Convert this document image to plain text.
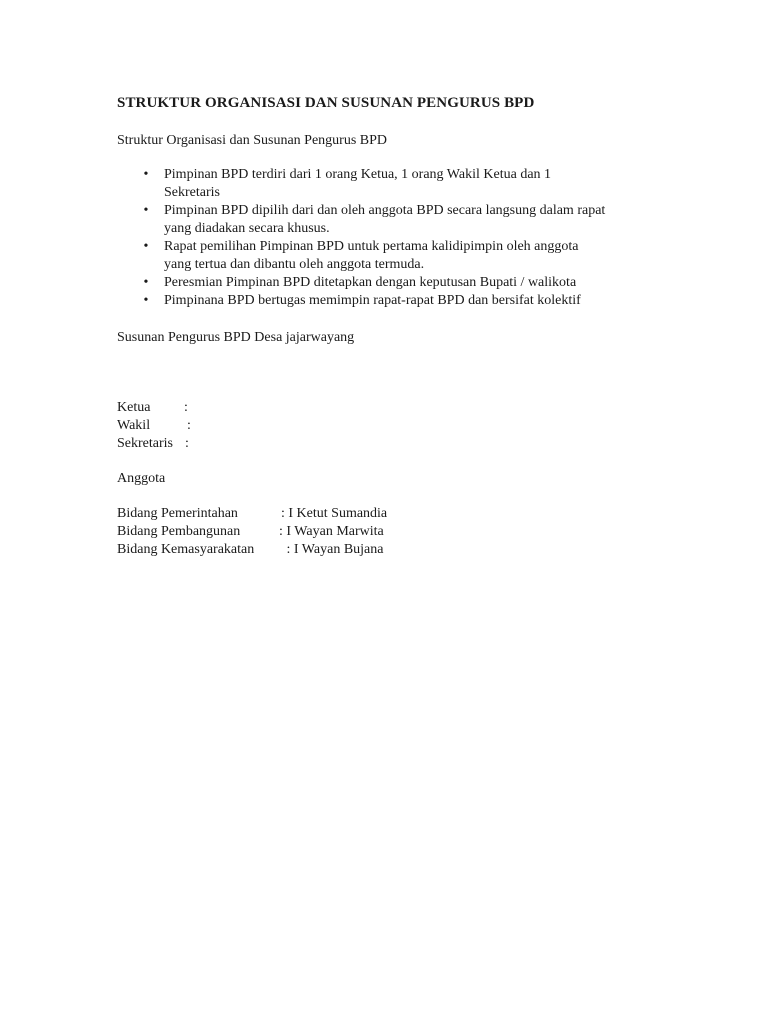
STRUKTUR ORGANISASI DAN SUSUNAN PENGURUS BPD

Struktur Organisasi dan Susunan Pengurus BPD

• Pimpinan BPD terdiri dari 1 orang Ketua, 1 orang Wakil Ketua dan 1
Sekretaris
• Pimpinan BPD dipilih dari dan oleh anggota BPD secara langsung dalam rapat
yang diadakan secara khusus.
• Rapat pemilihan Pimpinan BPD untuk pertama kalidipimpin oleh anggota
yang tertua dan dibantu oleh anggota termuda.
• Peresmian Pimpinan BPD ditetapkan dengan keputusan Bupati / walikota
• Pimpinana BPD bertugas memimpin rapat-rapat BPD dan bersifat kolektif

Susunan Pengurus BPD Desa jajarwayang

Ketua	:
Wakil	:
Sekretaris :

Anggota

Bidang Pemerintahan	: I Ketut Sumandia
Bidang Pembangunan	: I Wayan Marwita
Bidang Kemasyarakatan	: I Wayan Bujana
